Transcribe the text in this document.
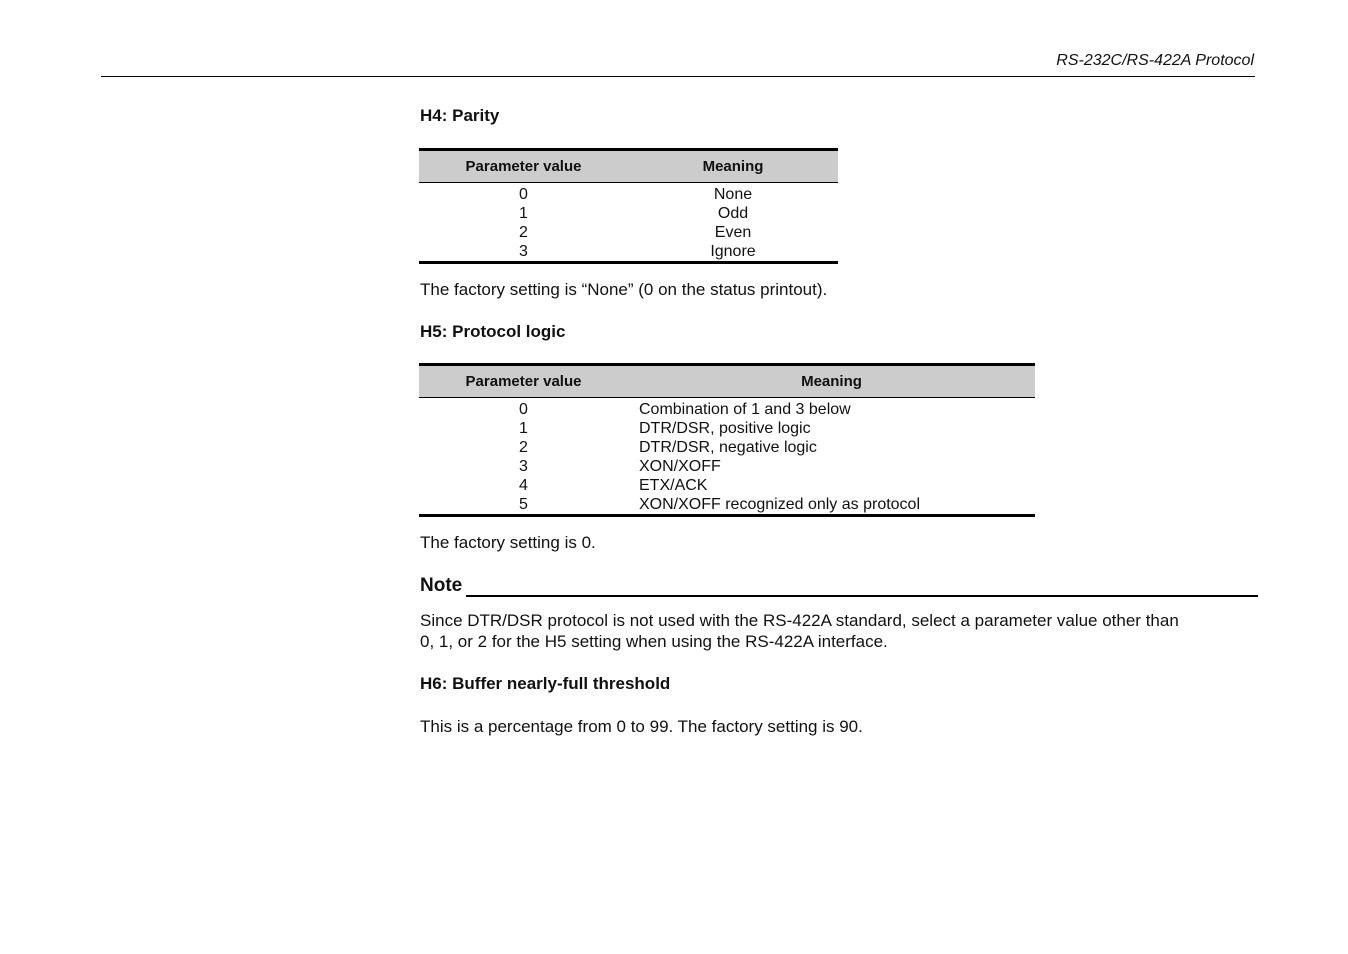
RS-232C/RS-422A Protocol
H4: Parity
Parameter value	Meaning
0	None
1	Odd
2	Even
3	Ignore
The factory setting is “None” (0 on the status printout).
H5: Protocol logic
Parameter value	Meaning
0	Combination of 1 and 3 below
1	DTR/DSR, positive logic
2	DTR/DSR, negative logic
3	XON/XOFF
4	ETX/ACK
5	XON/XOFF recognized only as protocol
The factory setting is 0.
Note
Since DTR/DSR protocol is not used with the RS-422A standard, select a parameter value other than
0, 1, or 2 for the H5 setting when using the RS-422A interface.
H6: Buffer nearly-full threshold
This is a percentage from 0 to 99. The factory setting is 90.
